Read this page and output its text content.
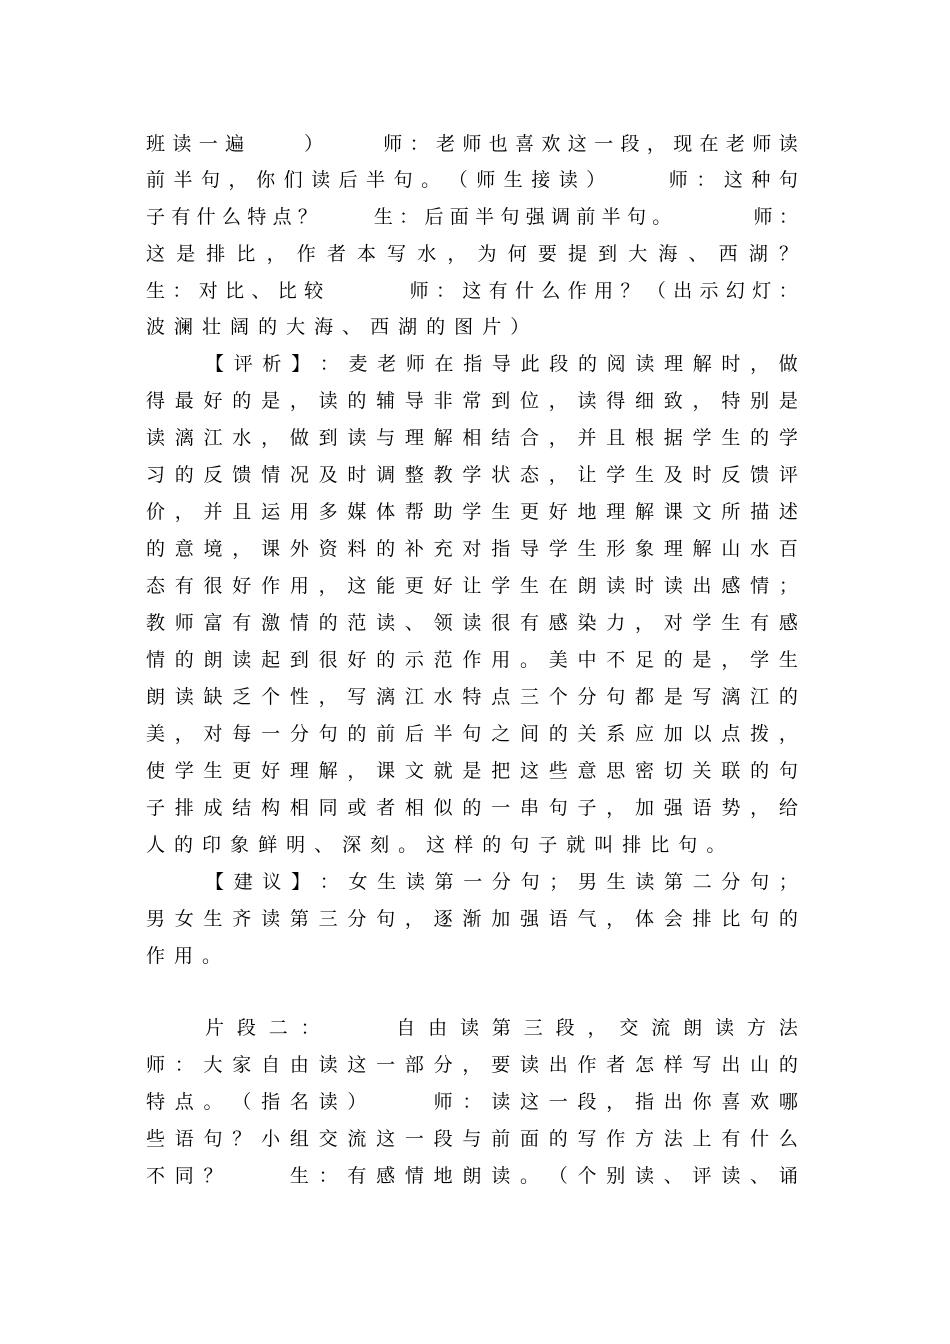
班 读 一 遍

　	）

　	师 ： 老 师 也 喜 欢 这 一 段 ， 现 在 老 师 读
前 半 句 ， 你 们 读 后 半 句 。 （ 师 生 接 读 ）

　	师 ： 这 种 句
子 有 什 么 特 点 ？

　	生 ： 后 面 半 句 强 调 前 半 句 。

　	师 ：
这 是 排 比 ， 作 者 本 写 水 ， 为 何 要 提 到 大 海 、 西 湖 ？
生 ： 对 比 、 比 较

　	师 ： 这 有 什 么 作 用 ？ （ 出 示 幻 灯 ：
波 澜 壮 阔 的 大 海 、 西 湖 的 图 片 ）
【 评 析 】 ： 麦 老 师 在 指 导 此 段 的 阅 读 理 解 时 ， 做
得 最 好 的 是 ， 读 的 辅 导 非 常 到 位 ， 读 得 细 致 ， 特 别 是
读 漓 江 水 ， 做 到 读 与 理 解 相 结 合 ， 并 且 根 据 学 生 的 学
习 的 反 馈 情 况 及 时 调 整 教 学 状 态 ， 让 学 生 及 时 反 馈 评
价 ， 并 且 运 用 多 媒 体 帮 助 学 生 更 好 地 理 解 课 文 所 描 述
的 意 境 ， 课 外 资 料 的 补 充 对 指 导 学 生 形 象 理 解 山 水 百
态 有 很 好 作 用 ， 这 能 更 好 让 学 生 在 朗 读 时 读 出 感 情 ；
教 师 富 有 激 情 的 范 读 、 领 读 很 有 感 染 力 ， 对 学 生 有 感
情 的 朗 读 起 到 很 好 的 示 范 作 用 。 美 中 不 足 的 是 ， 学 生
朗 读 缺 乏 个 性 ， 写 漓 江 水 特 点 三 个 分 句 都 是 写 漓 江 的
美 ， 对 每 一 分 句 的 前 后 半 句 之 间 的 关 系 应 加 以 点 拨 ，
使 学 生 更 好 理 解 ， 课 文 就 是 把 这 些 意 思 密 切 关 联 的 句
子 排 成 结 构 相 同 或 者 相 似 的 一 串 句 子 ， 加 强 语 势 ， 给
人 的 印 象 鲜 明 、 深 刻 。 这 样 的 句 子 就 叫 排 比 句 。
【 建 议 】 ： 女 生 读 第 一 分 句 ； 男 生 读 第 二 分 句 ；
男 女 生 齐 读 第 三 分 句 ， 逐 渐 加 强 语 气 ， 体 会 排 比 句 的
作 用 。
片 段 二 ：

　	自 由 读 第 三 段 ， 交 流 朗 读 方 法
师 ： 大 家 自 由 读 这 一 部 分 ， 要 读 出 作 者 怎 样 写 出 山 的
特 点 。 （ 指 名 读 ）

　	师 ： 读 这 一 段 ， 指 出 你 喜 欢 哪
些 语 句 ？ 小 组 交 流 这 一 段 与 前 面 的 写 作 方 法 上 有 什 么
不 同 ？

　	生 ： 有 感 情 地 朗 读 。 （ 个 别 读 、 评 读 、 诵
